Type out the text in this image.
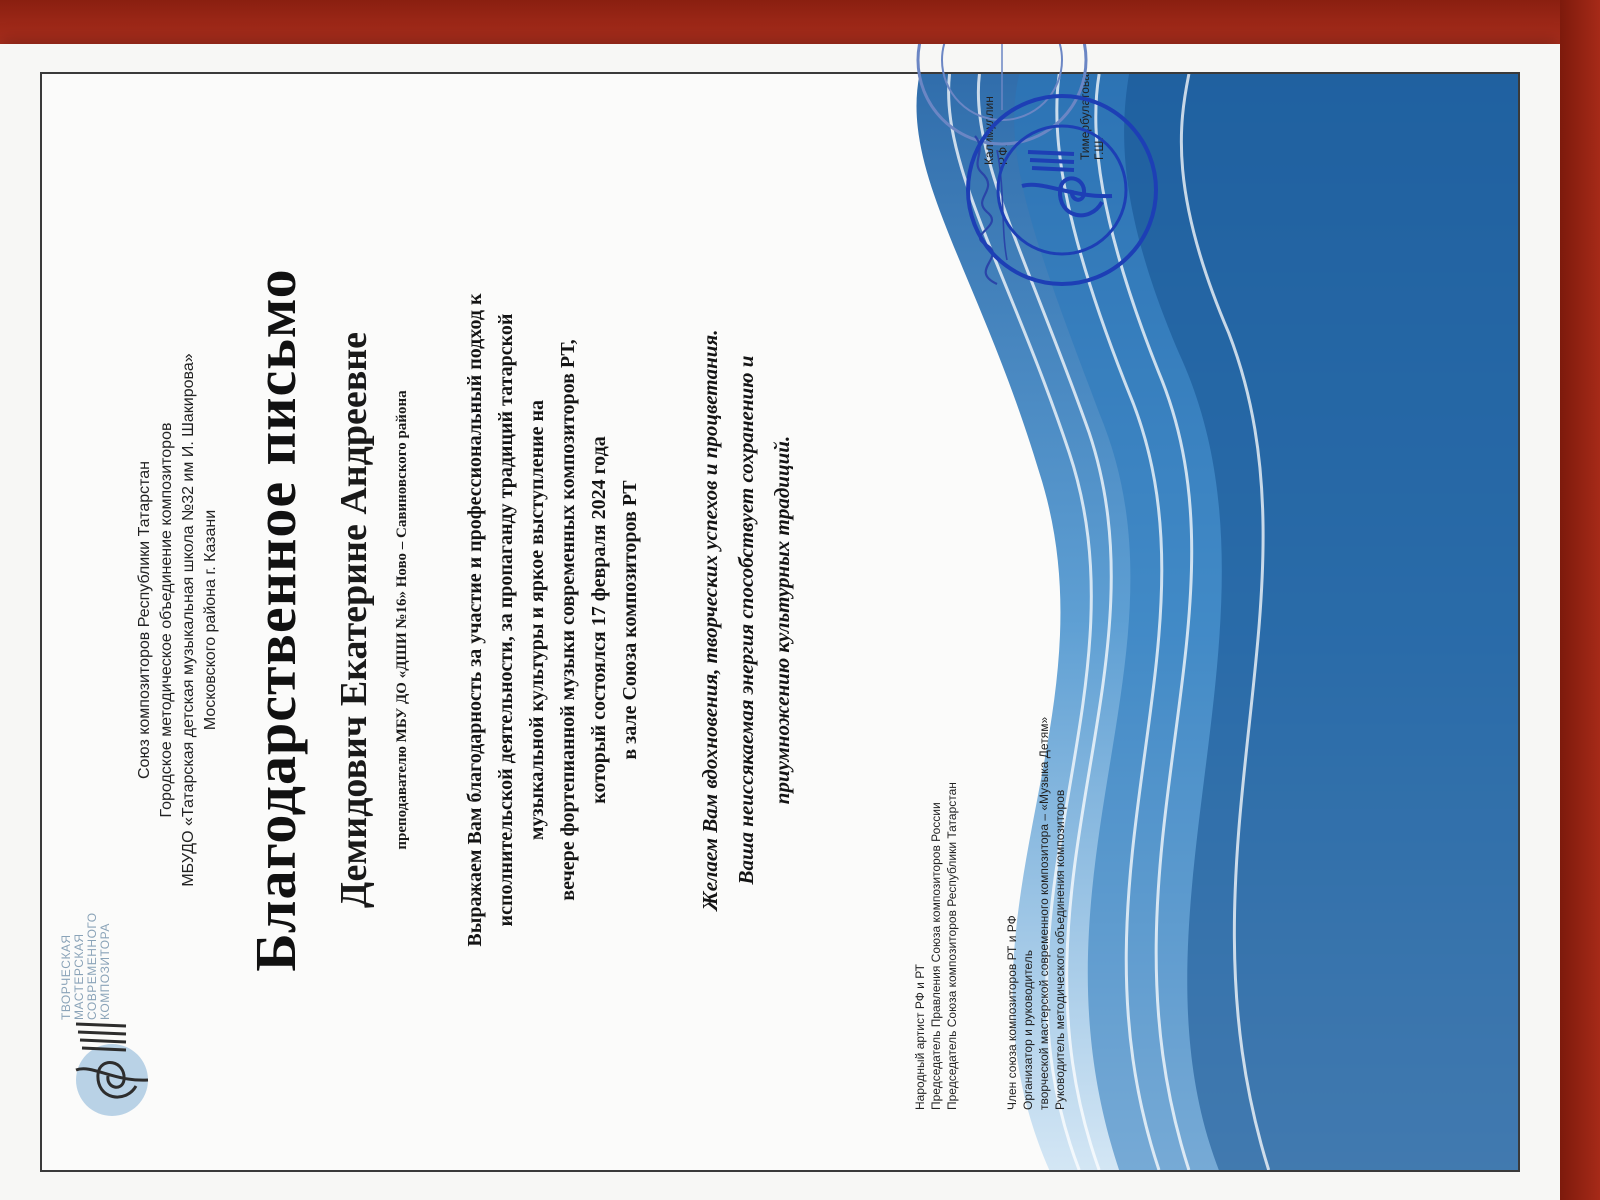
ТВОРЧЕСКАЯ МАСТЕРСКАЯ СОВРЕМЕННОГО КОМПОЗИТОРА
Союз композиторов Республики Татарстан Городское методическое объединение композиторов МБУДО «Татарская детская музыкальная школа №32 им И. Шакирова» Московского района г. Казани Благодарственное письмо Демидович Екатерине Андреевне преподавателю МБУ ДО «ДШИ №16» Ново – Савиновского района	Выражаем Вам благодарность за участие и профессиональный подход к исполнительской деятельности, за пропаганду традиций татарской музыкальной культуры и яркое выступление на вечере фортепианной музыки современных композиторов РТ, который состоялся 17 февраля 2024 года в зале Союза композиторов РТ	Желаем Вам вдохновения, творческих успехов и процветания. Ваша неиссякаемая энергия способствует сохранению и приумножению культурных традиций.
Народный артист РФ и РТ Председатель Правления Союза композиторов России Председатель Союза композиторов Республики Татарстан
Калимуллин Р.Ф.
Член союза композиторов РТ и РФ Организатор и руководитель творческой мастерской современного композитора – «Музыка Детям» Руководитель методического объединения композиторов
Тимербулатова Г.Ш.
